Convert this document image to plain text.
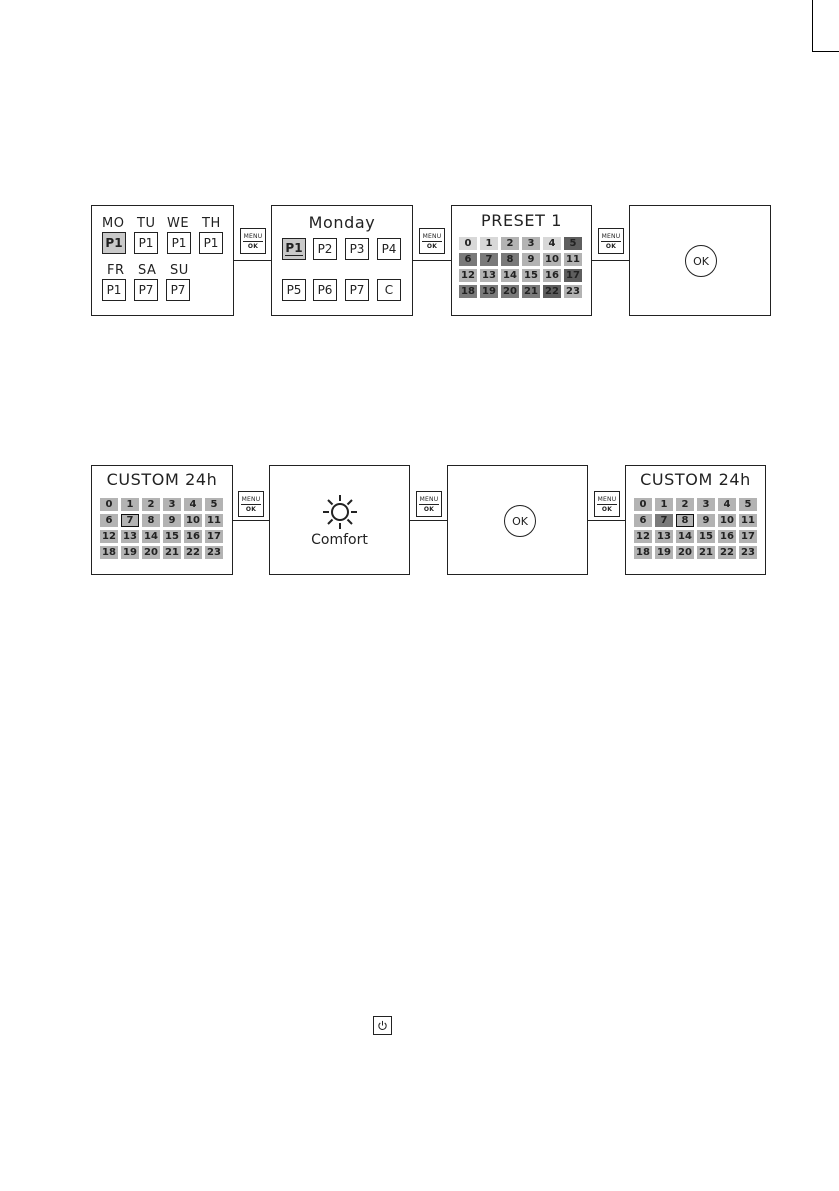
MO TU WE TH
P1	P1	P1	P1
FR SA SU
P1	P7	P7
MENU
OK
Monday
P1	P2	P3	P4
P5	P6	P7	C
MENU
OK
PRESET 1
0	1	2	3	4	5
6	7	8	9	10 11
12 13 14 15 16 17
18 19 20 21 22 23
MENU
OK
OK
CUSTOM 24h
0	1	2	3	4	5
6	7	8	9	10 11
12 13 14 15 16 17
18 19 20 21 22 23
MENU
OK
Comfort
MENU
OK
OK
MENU
OK
CUSTOM 24h
0	1	2	3	4	5
6	7	8	9	10 11
12 13 14 15 16 17
18 19 20 21 22 23
